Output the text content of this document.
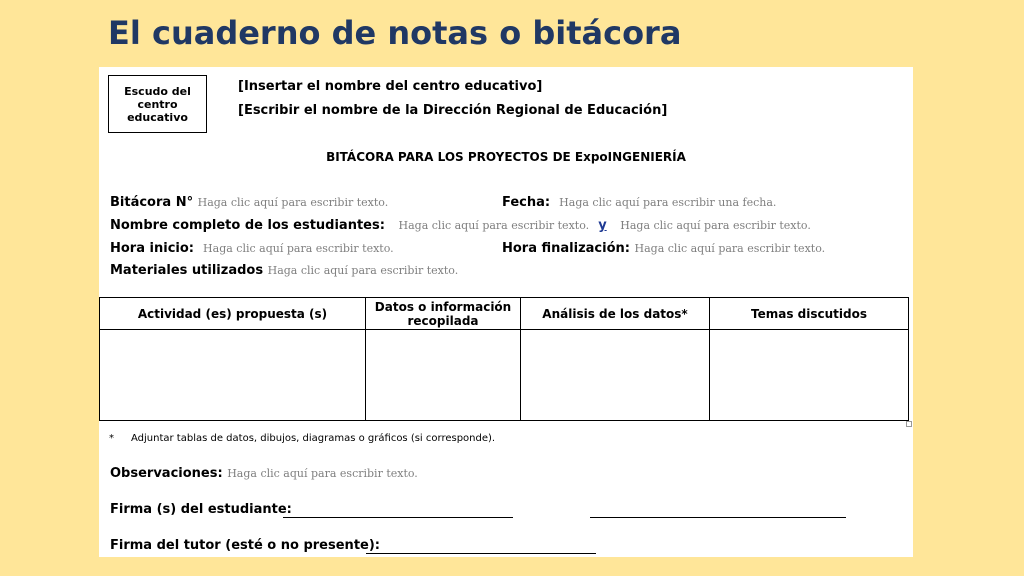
El cuaderno de notas o bitácora
Escudo del centro educativo
[Insertar el nombre del centro educativo]
[Escribir el nombre de la Dirección Regional de Educación]
BITÁCORA PARA LOS PROYECTOS DE ExpoINGENIERÍA
Bitácora N° Haga clic aquí para escribir texto.	Fecha: Haga clic aquí para escribir una fecha.
Nombre completo de los estudiantes: Haga clic aquí para escribir texto. y Haga clic aquí para escribir texto.
Hora inicio: Haga clic aquí para escribir texto.	Hora finalización: Haga clic aquí para escribir texto.
Materiales utilizados Haga clic aquí para escribir texto.
Actividad (es) propuesta (s)	Datos o información recopilada	Análisis de los datos*	Temas discutidos

* Adjuntar tablas de datos, dibujos, diagramas o gráficos (si corresponde).
Observaciones: Haga clic aquí para escribir texto.
Firma (s) del estudiante:
Firma del tutor (esté o no presente):
